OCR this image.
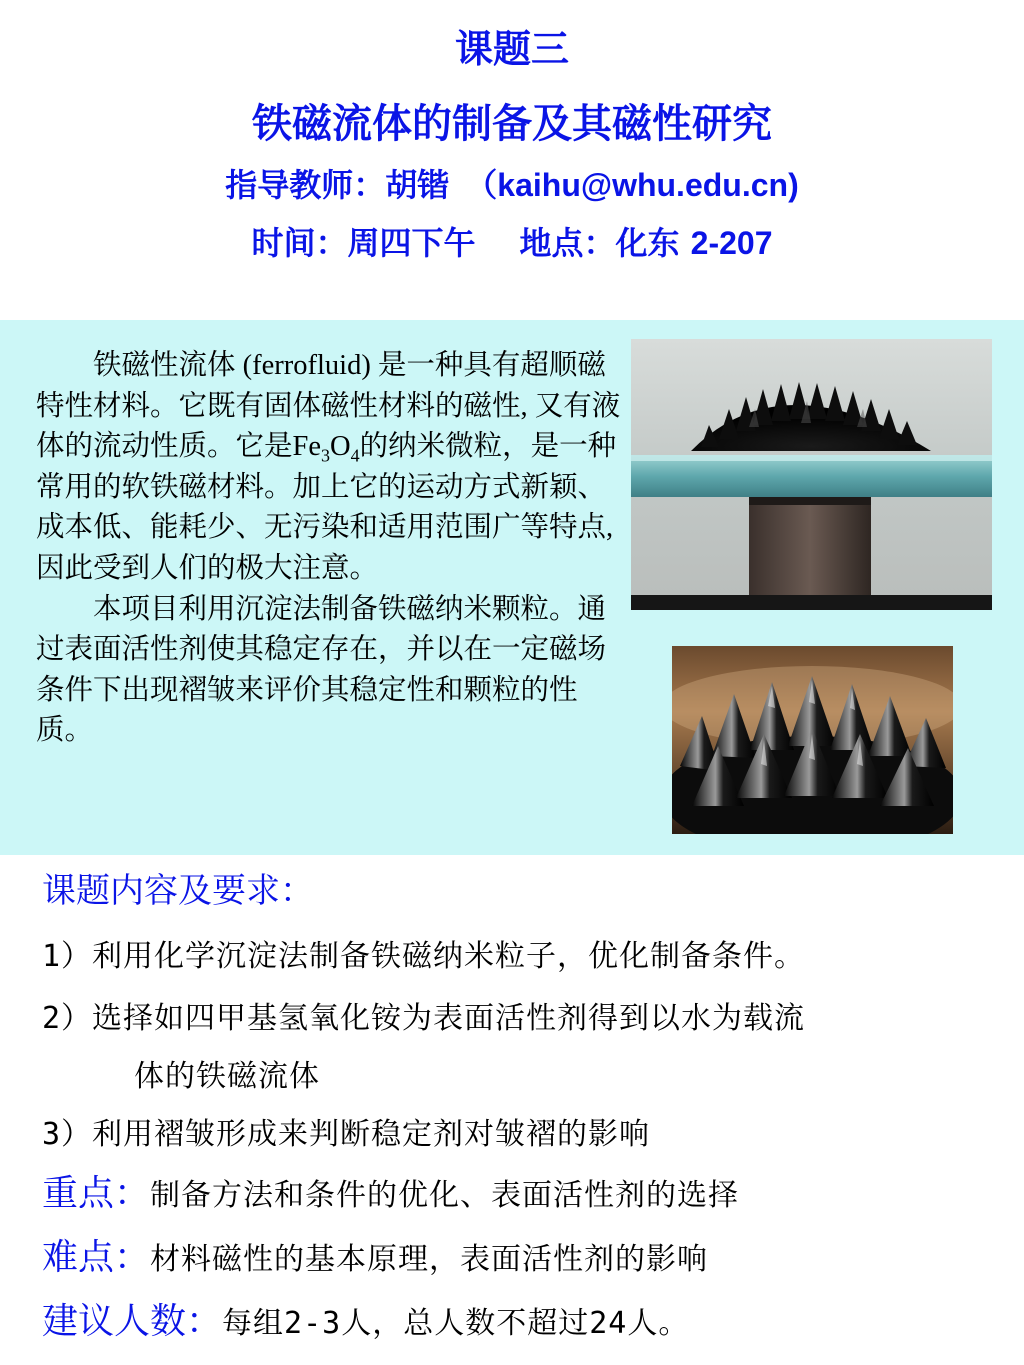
课题三
铁磁流体的制备及其磁性研究
指导教师：胡锴　（kaihu@whu.edu.cn)
时间：周四下午 地点：化东 2-207

铁磁性流体 (ferrofluid) 是一种具有超顺磁特性材料。它既有固体磁性材料的磁性, 又有液体的流动性质。它是$Fe_3O_4$的纳米微粒，是一种常用的软铁磁材料。加上它的运动方式新颖、成本低、能耗少、无污染和适用范围广等特点, 因此受到人们的极大注意。

本项目利用沉淀法制备铁磁纳米颗粒。通过表面活性剂使其稳定存在，并以在一定磁场条件下出现褶皱来评价其稳定性和颗粒的性质。

课题内容及要求：
1）利用化学沉淀法制备铁磁纳米粒子，优化制备条件。
2）选择如四甲基氢氧化铵为表面活性剂得到以水为载流
体的铁磁流体
3）利用褶皱形成来判断稳定剂对皱褶的影响
重点：制备方法和条件的优化、表面活性剂的选择
难点：材料磁性的基本原理，表面活性剂的影响
建议人数：每组2-3人，总人数不超过24人。
